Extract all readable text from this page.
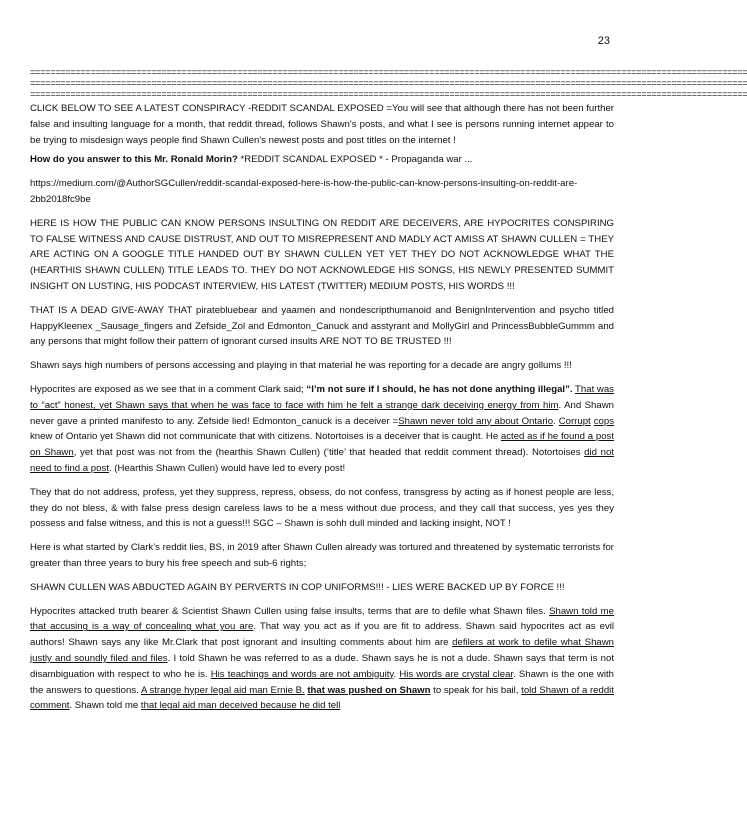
23
==============================================================================================================================================
==============================================================================================================================================
==============================================================================================================================================

CLICK BELOW TO SEE A LATEST CONSPIRACY -REDDIT SCANDAL EXPOSED =You will see that although there has not been further false and insulting language for a month, that reddit thread, follows Shawn's posts, and what I see is persons running internet appear to be trying to misdesign ways people find Shawn Cullen's newest posts and post titles on the internet !

How do you answer to this Mr. Ronald Morin? *REDDIT SCANDAL EXPOSED * - Propaganda war ...

https://medium.com/@AuthorSGCullen/reddit-scandal-exposed-here-is-how-the-public-can-know-persons-insulting-on-reddit-are-2bb2018fc9be

HERE IS HOW THE PUBLIC CAN KNOW PERSONS INSULTING ON REDDIT ARE DECEIVERS, ARE HYPOCRITES CONSPIRING TO FALSE WITNESS AND CAUSE DISTRUST, AND OUT TO MISREPRESENT AND MADLY ACT AMISS AT SHAWN CULLEN = THEY ARE ACTING ON A GOOGLE TITLE HANDED OUT BY SHAWN CULLEN YET YET THEY DO NOT ACKNOWLEDGE WHAT THE (HEARTHIS SHAWN CULLEN) TITLE LEADS TO. THEY DO NOT ACKNOWLEDGE HIS SONGS, HIS NEWLY PRESENTED SUMMIT INSIGHT ON LUSTING, HIS PODCAST INTERVIEW, HIS LATEST (TWITTER) MEDIUM POSTS, HIS WORDS !!!

THAT IS A DEAD GIVE-AWAY THAT piratebluebear and yaamen and nondescripthumanoid and BenignIntervention and psycho titled HappyKleenex _Sausage_fingers and Zefside_Zol and Edmonton_Canuck and asstyrant and MollyGirl and PrincessBubbleGummm and any persons that might follow their pattern of ignorant cursed insults ARE NOT TO BE TRUSTED !!!

Shawn says high numbers of persons accessing and playing in that material he was reporting for a decade are angry gollums !!!

Hypocrites are exposed as we see that in a comment Clark said; “I’m not sure if I should, he has not done anything illegal”. That was to “act” honest, yet Shawn says that when he was face to face with him he felt a strange dark deceiving energy from him. And Shawn never gave a printed manifesto to any. Zefside lied! Edmonton_canuck is a deceiver =Shawn never told any about Ontario. Corrupt cops knew of Ontario yet Shawn did not communicate that with citizens. Notortoises is a deceiver that is caught. He acted as if he found a post on Shawn, yet that post was not from the (hearthis Shawn Cullen) (‘title’ that headed that reddit comment thread). Notortoises did not need to find a post. (Hearthis Shawn Cullen) would have led to every post!

They that do not address, profess, yet they suppress, repress, obsess, do not confess, transgress by acting as if honest people are less, they do not bless, & with false press design careless laws to be a mess without due process, and they call that success, yes yes they possess and false witness, and this is not a guess!!! SGC – Shawn is sohh dull minded and lacking insight, NOT !

Here is what started by Clark’s reddit lies, BS, in 2019 after Shawn Cullen already was tortured and threatened by systematic terrorists for greater than three years to bury his free speech and sub-6 rights;

SHAWN CULLEN WAS ABDUCTED AGAIN BY PERVERTS IN COP UNIFORMS!!! - LIES WERE BACKED UP BY FORCE !!!

Hypocrites attacked truth bearer & Scientist Shawn Cullen using false insults, terms that are to defile what Shawn files. Shawn told me that accusing is a way of concealing what you are. That way you act as if you are fit to address. Shawn said hypocrites act as evil authors! Shawn says any like Mr.Clark that post ignorant and insulting comments about him are defilers at work to defile what Shawn justly and soundly filed and files. I told Shawn he was referred to as a dude. Shawn says he is not a dude. Shawn says that term is not disambiguation with respect to who he is. His teachings and words are not ambiguity. His words are crystal clear. Shawn is the one with the answers to questions. A strange hyper legal aid man Ernie B. that was pushed on Shawn to speak for his bail, told Shawn of a reddit comment. Shawn told me that legal aid man deceived because he did tell
